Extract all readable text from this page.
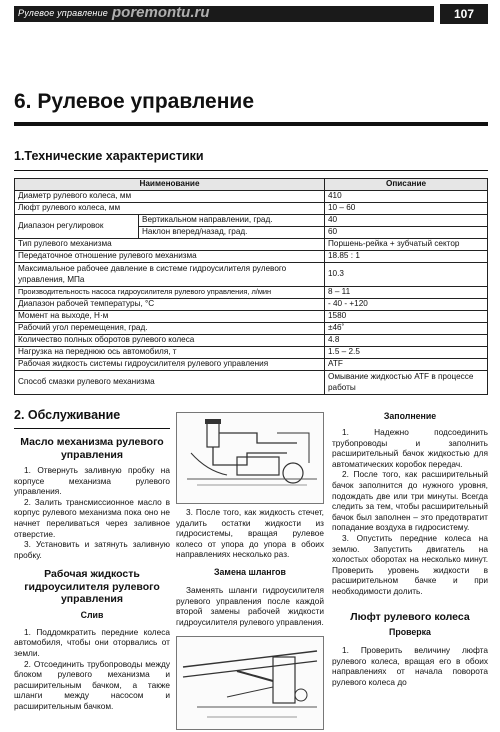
Рулевое управление poremontu.ru	107
6. Рулевое управление
1.Технические характеристики
Наименование		Описание
Диаметр рулевого колеса, мм		410
Люфт рулевого колеса, мм		10 – 60
Диапазон регулировок	Вертикальном направлении, град.	40
	Наклон вперед/назад, град.	60
Тип рулевого механизма		Поршень-рейка + зубчатый сектор
Передаточное отношение рулевого механизма		18.85 : 1
Максимальное рабочее давление в системе гидроусилителя рулевого управления, МПа		10.3
Производительность насоса гидроусилителя рулевого управления, л/мин		8 – 11
Диапазон рабочей температуры, °С		- 40 - +120
Момент на выходе, Н·м		1580
Рабочий угол перемещения, град.		±46˚
Количество полных оборотов рулевого колеса		4.8
Нагрузка на переднюю ось автомобиля, т		1.5 – 2.5
Рабочая жидкость системы гидроусилителя рулевого управления		ATF
Способ смазки рулевого механизма		Омывание жидкостью ATF в процессе работы
2. Обслуживание
Масло механизма рулевого управления

1. Отвернуть заливную пробку на корпусе механизма рулевого управления.

2. Залить трансмиссионное масло в корпус рулевого механизма пока оно не начнет переливаться через заливное отверстие.

3. Установить и затянуть заливную пробку.

Рабочая жидкость гидроусилителя рулевого управления
Слив

1. Поддомкратить передние колеса автомобиля, чтобы они оторвались от земли.

2. Отсоединить трубопроводы между блоком рулевого механизма и расширительным бачком, а также шланги между насосом и расширительным бачком.

3. После того, как жидкость стечет, удалить остатки жидкости из гидросистемы, вращая рулевое колесо от упора до упора в обоих направлениях несколько раз.

Замена шлангов

Заменять шланги гидроусилителя рулевого управления после каждой второй замены рабочей жидкости гидроусилителя рулевого управления.

Заполнение

1. Надежно подсоединить трубопроводы и заполнить расширительный бачок жидкостью для автоматических коробок передач.

2. После того, как расширительный бачок заполнится до нужного уровня, подождать две или три минуты. Всегда следить за тем, чтобы расширительный бачок был заполнен – это предотвратит попадание воздуха в гидросистему.

3. Опустить передние колеса на землю. Запустить двигатель на холостых оборотах на несколько минут. Проверить уровень жидкости в расширительном бачке и при необходимости долить.

Люфт рулевого колеса
Проверка

1. Проверить величину люфта рулевого колеса, вращая его в обоих направлениях от начала поворота рулевого колеса до
